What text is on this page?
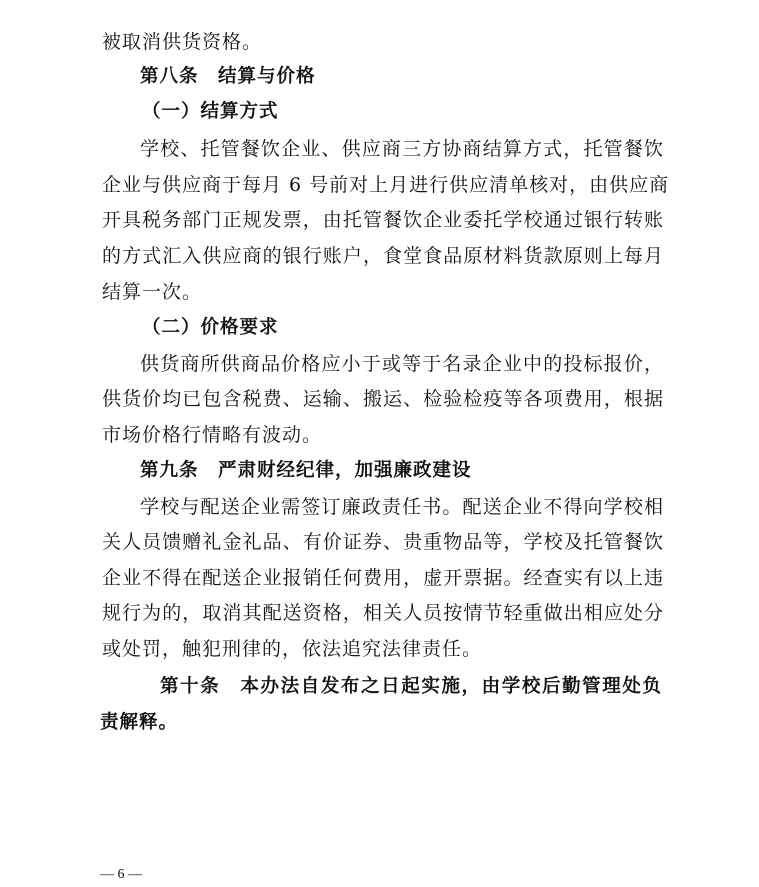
被取消供货资格。
第八条　结算与价格
（一）结算方式
学校、托管餐饮企业、供应商三方协商结算方式，托管餐饮
企业与供应商于每月 6 号前对上月进行供应清单核对，由供应商
开具税务部门正规发票，由托管餐饮企业委托学校通过银行转账
的方式汇入供应商的银行账户，食堂食品原材料货款原则上每月
结算一次。
（二）价格要求
供货商所供商品价格应小于或等于名录企业中的投标报价，
供货价均已包含税费、运输、搬运、检验检疫等各项费用，根据
市场价格行情略有波动。
第九条　严肃财经纪律，加强廉政建设
学校与配送企业需签订廉政责任书。配送企业不得向学校相
关人员馈赠礼金礼品、有价证券、贵重物品等，学校及托管餐饮
企业不得在配送企业报销任何费用，虚开票据。经查实有以上违
规行为的，取消其配送资格，相关人员按情节轻重做出相应处分
或处罚，触犯刑律的，依法追究法律责任。
第十条　本办法自发布之日起实施，由学校后勤管理处负
责解释。
— 6 —
